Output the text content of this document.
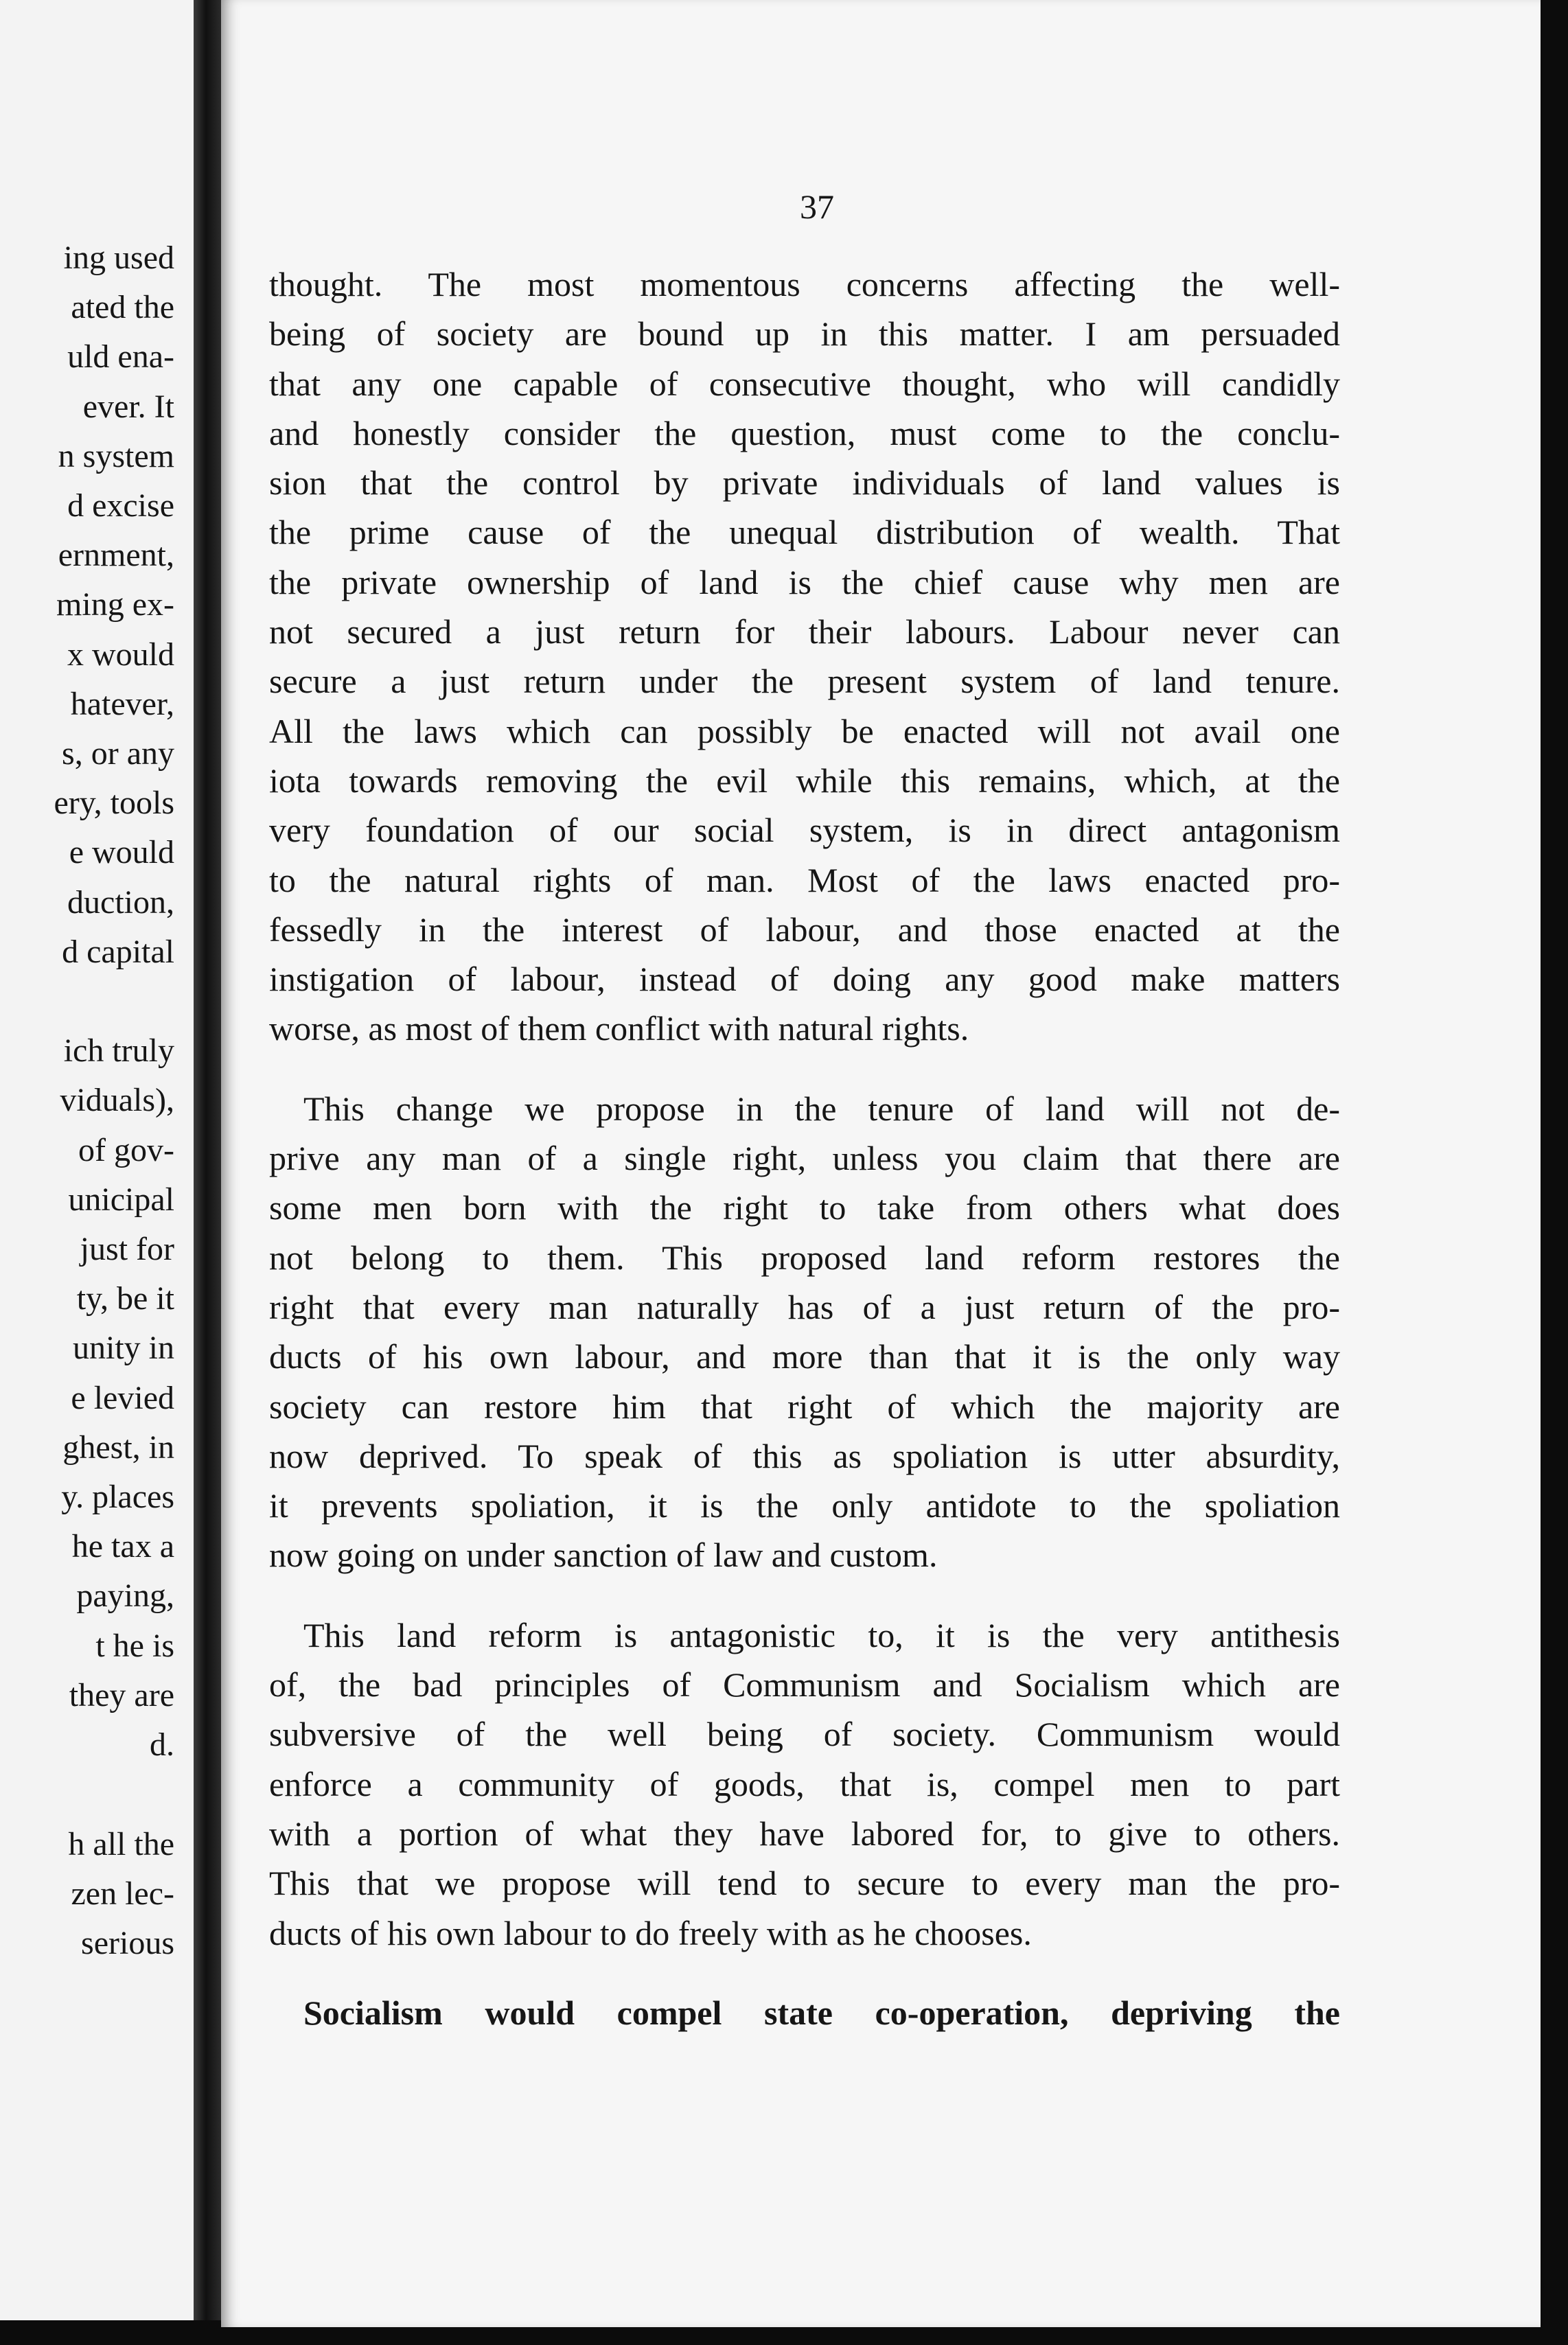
ing used
ated the
uld ena-
ever. It
n system
d excise
ernment,
ming ex-
x would
hatever,
s, or any
ery, tools
e would
duction,
d capital

ich truly
viduals),
of gov-
unicipal
just for
ty, be it
unity in
e levied
ghest, in
y. places
he tax a
paying,
t he is
they are
d.

h all the
zen lec-
serious
37

thought. The most momentous concerns affecting the well-
being of society are bound up in this matter. I am persuaded
that any one capable of consecutive thought, who will candidly
and honestly consider the question, must come to the conclu-
sion that the control by private individuals of land values is
the prime cause of the unequal distribution of wealth. That
the private ownership of land is the chief cause why men are
not secured a just return for their labours. Labour never can
secure a just return under the present system of land tenure.
All the laws which can possibly be enacted will not avail one
iota towards removing the evil while this remains, which, at the
very foundation of our social system, is in direct antagonism
to the natural rights of man. Most of the laws enacted pro-
fessedly in the interest of labour, and those enacted at the
instigation of labour, instead of doing any good make matters
worse, as most of them conflict with natural rights.

This change we propose in the tenure of land will not de-
prive any man of a single right, unless you claim that there are
some men born with the right to take from others what does
not belong to them. This proposed land reform restores the
right that every man naturally has of a just return of the pro-
ducts of his own labour, and more than that it is the only way
society can restore him that right of which the majority are
now deprived. To speak of this as spoliation is utter absurdity,
it prevents spoliation, it is the only antidote to the spoliation
now going on under sanction of law and custom.

This land reform is antagonistic to, it is the very antithesis
of, the bad principles of Communism and Socialism which are
subversive of the well being of society. Communism would
enforce a community of goods, that is, compel men to part
with a portion of what they have labored for, to give to others.
This that we propose will tend to secure to every man the pro-
ducts of his own labour to do freely with as he chooses.

Socialism would compel state co-operation, depriving the
